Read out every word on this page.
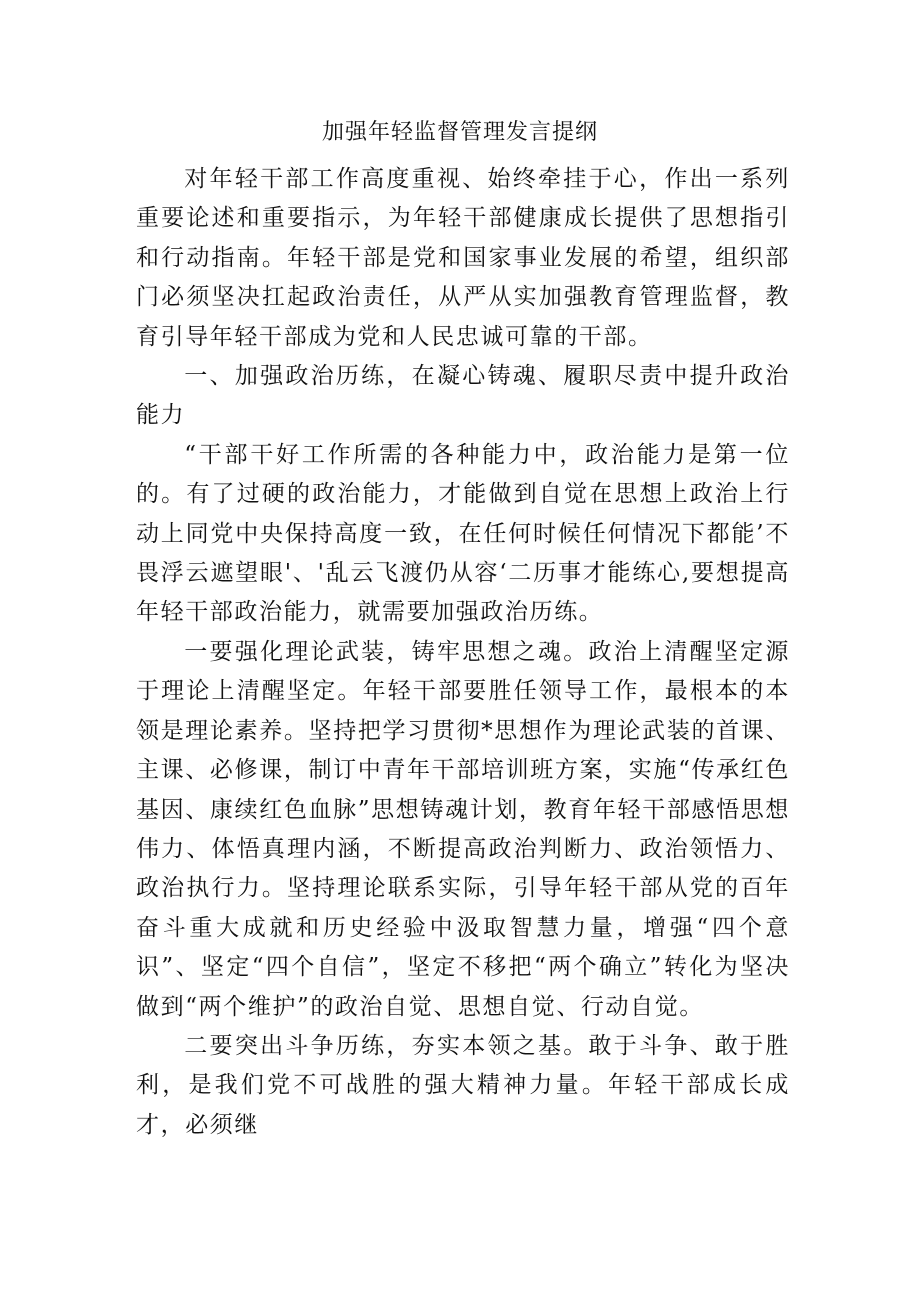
加强年轻监督管理发言提纲

对年轻干部工作高度重视、始终牵挂于心，作出一系列重要论述和重要指示，为年轻干部健康成长提供了思想指引和行动指南。年轻干部是党和国家事业发展的希望，组织部门必须坚决扛起政治责任，从严从实加强教育管理监督，教育引导年轻干部成为党和人民忠诚可靠的干部。

一、加强政治历练，在凝心铸魂、履职尽责中提升政治能力

“干部干好工作所需的各种能力中，政治能力是第一位的。有了过硬的政治能力，才能做到自觉在思想上政治上行动上同党中央保持高度一致，在任何时候任何情况下都能’不畏浮云遮望眼'、'乱云飞渡仍从容‘二历事才能练心,要想提高年轻干部政治能力，就需要加强政治历练。

一要强化理论武装，铸牢思想之魂。政治上清醒坚定源于理论上清醒坚定。年轻干部要胜任领导工作，最根本的本领是理论素养。坚持把学习贯彻*思想作为理论武装的首课、主课、必修课，制订中青年干部培训班方案，实施“传承红色基因、康续红色血脉”思想铸魂计划，教育年轻干部感悟思想伟力、体悟真理内涵，不断提高政治判断力、政治领悟力、政治执行力。坚持理论联系实际，引导年轻干部从党的百年奋斗重大成就和历史经验中汲取智慧力量，增强“四个意识”、坚定“四个自信”，坚定不移把“两个确立”转化为坚决做到“两个维护”的政治自觉、思想自觉、行动自觉。

二要突出斗争历练，夯实本领之基。敢于斗争、敢于胜利，是我们党不可战胜的强大精神力量。年轻干部成长成才，必须继
